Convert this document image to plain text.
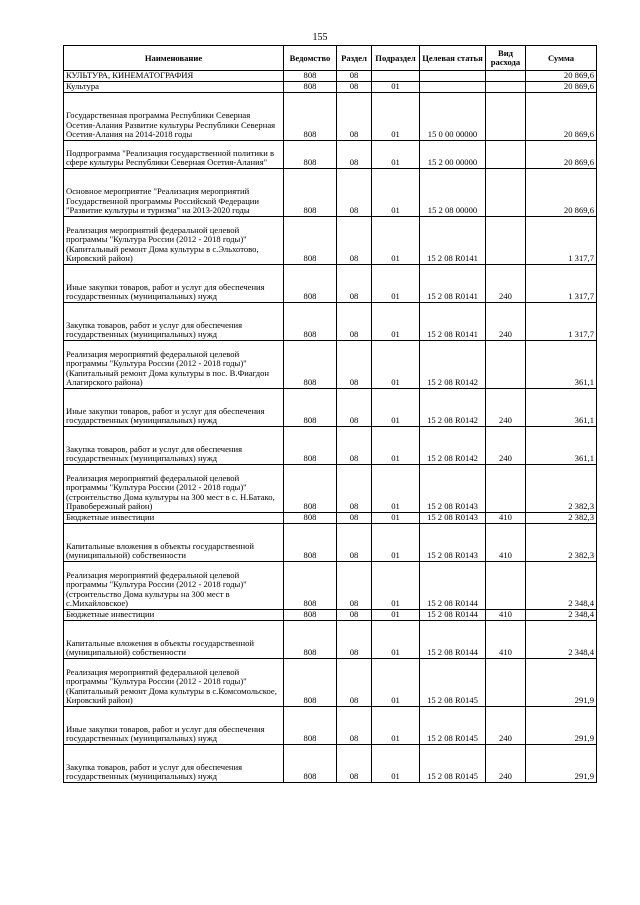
155
Наименование	Ведомство	Раздел	Подраздел	Целевая статья	Вид расхода	Сумма
КУЛЬТУРА, КИНЕМАТОГРАФИЯ	808	08				20 869,6
Культура	808	08	01			20 869,6
Государственная программа Республики Северная Осетия-Алания Развитие культуры Республики Северная Осетия-Алания на 2014-2018 годы	808	08	01	15 0 00 00000		20 869,6
Подпрограмма "Реализация государственной политики в сфере культуры Республики Северная Осетия-Алания"	808	08	01	15 2 00 00000		20 869,6
Основное мероприятие "Реализация мероприятий Государственной программы Российской Федерации "Развитие культуры и туризма" на 2013-2020 годы	808	08	01	15 2 08 00000		20 869,6
Реализация мероприятий федеральной целевой программы "Культура России (2012 - 2018 годы)" (Капитальный ремонт Дома культуры в с.Эльхотово, Кировский район)	808	08	01	15 2 08 R0141		1 317,7
Иные закупки товаров, работ и услуг для обеспечения государственных (муниципальных) нужд	808	08	01	15 2 08 R0141	240	1 317,7
Закупка товаров, работ и услуг для обеспечения государственных (муниципальных) нужд	808	08	01	15 2 08 R0141	240	1 317,7
Реализация мероприятий федеральной целевой программы "Культура России (2012 - 2018 годы)" (Капитальный ремонт Дома культуры в пос. В.Фиагдон Алагирского района)	808	08	01	15 2 08 R0142		361,1
Иные закупки товаров, работ и услуг для обеспечения государственных (муниципальных) нужд	808	08	01	15 2 08 R0142	240	361,1
Закупка товаров, работ и услуг для обеспечения государственных (муниципальных) нужд	808	08	01	15 2 08 R0142	240	361,1
Реализация мероприятий федеральной целевой программы "Культура России (2012 - 2018 годы)" (строительство Дома культуры на 300 мест в с. Н.Батако, Правобережный район)	808	08	01	15 2 08 R0143		2 382,3
Бюджетные инвестиции	808	08	01	15 2 08 R0143	410	2 382,3
Капитальные вложения в объекты государственной (муниципальной) собственности	808	08	01	15 2 08 R0143	410	2 382,3
Реализация мероприятий федеральной целевой программы "Культура России (2012 - 2018 годы)" (строительство Дома культуры на 300 мест в с.Михайловское)	808	08	01	15 2 08 R0144		2 348,4
Бюджетные инвестиции	808	08	01	15 2 08 R0144	410	2 348,4
Капитальные вложения в объекты государственной (муниципальной) собственности	808	08	01	15 2 08 R0144	410	2 348,4
Реализация мероприятий федеральной целевой программы "Культура России (2012 - 2018 годы)" (Капитальный ремонт Дома культуры в с.Комсомольское, Кировский район)	808	08	01	15 2 08 R0145		291,9
Иные закупки товаров, работ и услуг для обеспечения государственных (муниципальных) нужд	808	08	01	15 2 08 R0145	240	291,9
Закупка товаров, работ и услуг для обеспечения государственных (муниципальных) нужд	808	08	01	15 2 08 R0145	240	291,9
